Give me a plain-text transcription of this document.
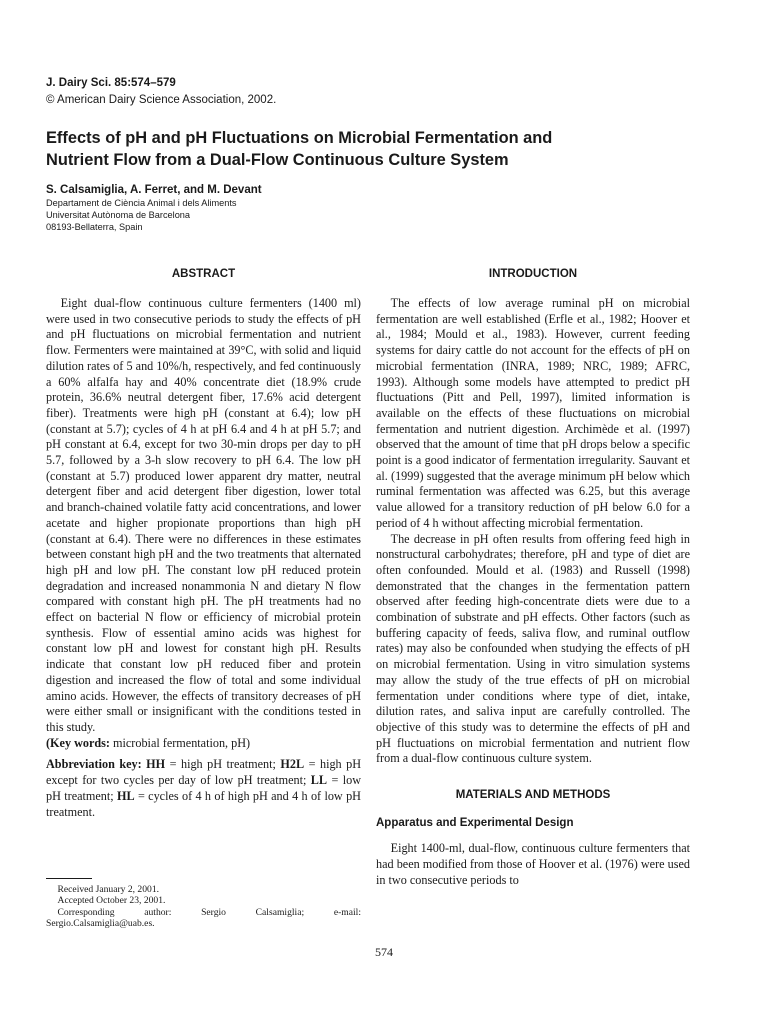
J. Dairy Sci. 85:574–579
© American Dairy Science Association, 2002.
Effects of pH and pH Fluctuations on Microbial Fermentation and
Nutrient Flow from a Dual-Flow Continuous Culture System
S. Calsamiglia, A. Ferret, and M. Devant
Departament de Ciència Animal i dels Aliments
Universitat Autònoma de Barcelona
08193-Bellaterra, Spain
ABSTRACT

Eight dual-flow continuous culture fermenters (1400 ml) were used in two consecutive periods to study the effects of pH and pH fluctuations on microbial fermentation and nutrient flow. Fermenters were maintained at 39°C, with solid and liquid dilution rates of 5 and 10%/h, respectively, and fed continuously a 60% alfalfa hay and 40% concentrate diet (18.9% crude protein, 36.6% neutral detergent fiber, 17.6% acid detergent fiber). Treatments were high pH (constant at 6.4); low pH (constant at 5.7); cycles of 4 h at pH 6.4 and 4 h at pH 5.7; and pH constant at 6.4, except for two 30-min drops per day to pH 5.7, followed by a 3-h slow recovery to pH 6.4. The low pH (constant at 5.7) produced lower apparent dry matter, neutral detergent fiber and acid detergent fiber digestion, lower total and branch-chained volatile fatty acid concentrations, and lower acetate and higher propionate proportions than high pH (constant at 6.4). There were no differences in these estimates between constant high pH and the two treatments that alternated high pH and low pH. The constant low pH reduced protein degradation and increased nonammonia N and dietary N flow compared with constant high pH. The pH treatments had no effect on bacterial N flow or efficiency of microbial protein synthesis. Flow of essential amino acids was highest for constant low pH and lowest for constant high pH. Results indicate that constant low pH reduced fiber and protein digestion and increased the flow of total and some individual amino acids. However, the effects of transitory decreases of pH were either small or insignificant with the conditions tested in this study.

(Key words: microbial fermentation, pH)

Abbreviation key: HH = high pH treatment; H2L = high pH except for two cycles per day of low pH treatment; LL = low pH treatment; HL = cycles of 4 h of high pH and 4 h of low pH treatment.

INTRODUCTION

The effects of low average ruminal pH on microbial fermentation are well established (Erfle et al., 1982; Hoover et al., 1984; Mould et al., 1983). However, current feeding systems for dairy cattle do not account for the effects of pH on microbial fermentation (INRA, 1989; NRC, 1989; AFRC, 1993). Although some models have attempted to predict pH fluctuations (Pitt and Pell, 1997), limited information is available on the effects of these fluctuations on microbial fermentation and nutrient digestion. Archimède et al. (1997) observed that the amount of time that pH drops below a specific point is a good indicator of fermentation irregularity. Sauvant et al. (1999) suggested that the average minimum pH below which ruminal fermentation was affected was 6.25, but this average value allowed for a transitory reduction of pH below 6.0 for a period of 4 h without affecting microbial fermentation.

The decrease in pH often results from offering feed high in nonstructural carbohydrates; therefore, pH and type of diet are often confounded. Mould et al. (1983) and Russell (1998) demonstrated that the changes in the fermentation pattern observed after feeding high-concentrate diets were due to a combination of substrate and pH effects. Other factors (such as buffering capacity of feeds, saliva flow, and ruminal outflow rates) may also be confounded when studying the effects of pH on microbial fermentation. Using in vitro simulation systems may allow the study of the true effects of pH on microbial fermentation under conditions where type of diet, intake, dilution rates, and saliva input are carefully controlled. The objective of this study was to determine the effects of pH and pH fluctuations on microbial fermentation and nutrient flow from a dual-flow continuous culture system.

MATERIALS AND METHODS
Apparatus and Experimental Design

Eight 1400-ml, dual-flow, continuous culture fermenters that had been modified from those of Hoover et al. (1976) were used in two consecutive periods to

Received January 2, 2001.
Accepted October 23, 2001.
Corresponding author: Sergio Calsamiglia; e-mail: Sergio.Calsamiglia@uab.es.
574
